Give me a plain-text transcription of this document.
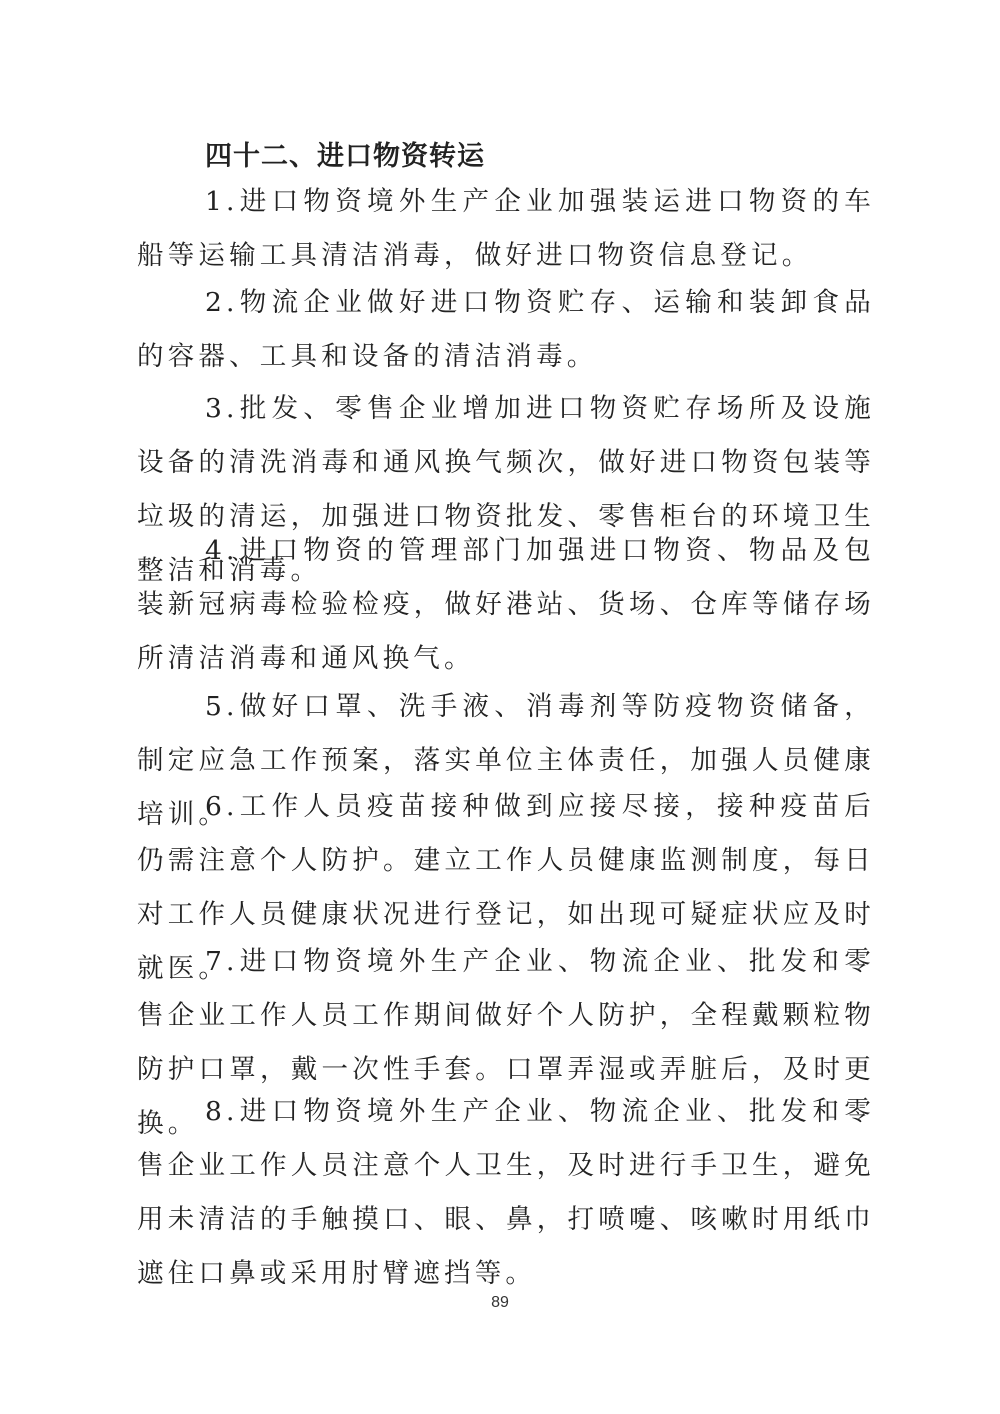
四十二、进口物资转运

1.进口物资境外生产企业加强装运进口物资的车船等运输工具清洁消毒，做好进口物资信息登记。

2.物流企业做好进口物资贮存、运输和装卸食品的容器、工具和设备的清洁消毒。

3.批发、零售企业增加进口物资贮存场所及设施设备的清洗消毒和通风换气频次，做好进口物资包装等垃圾的清运，加强进口物资批发、零售柜台的环境卫生整洁和消毒。

4.进口物资的管理部门加强进口物资、物品及包装新冠病毒检验检疫，做好港站、货场、仓库等储存场所清洁消毒和通风换气。

5.做好口罩、洗手液、消毒剂等防疫物资储备，制定应急工作预案，落实单位主体责任，加强人员健康培训。

6.工作人员疫苗接种做到应接尽接，接种疫苗后仍需注意个人防护。建立工作人员健康监测制度，每日对工作人员健康状况进行登记，如出现可疑症状应及时就医。

7.进口物资境外生产企业、物流企业、批发和零售企业工作人员工作期间做好个人防护，全程戴颗粒物防护口罩，戴一次性手套。口罩弄湿或弄脏后，及时更换。 8.进口物资境外生产企业、物流企业、批发和零售企业工作人员注意个人卫生，及时进行手卫生，避免用未清洁的手触摸口、眼、鼻，打喷嚏、咳嗽时用纸巾遮住口鼻或采用肘臂遮挡等。

89
